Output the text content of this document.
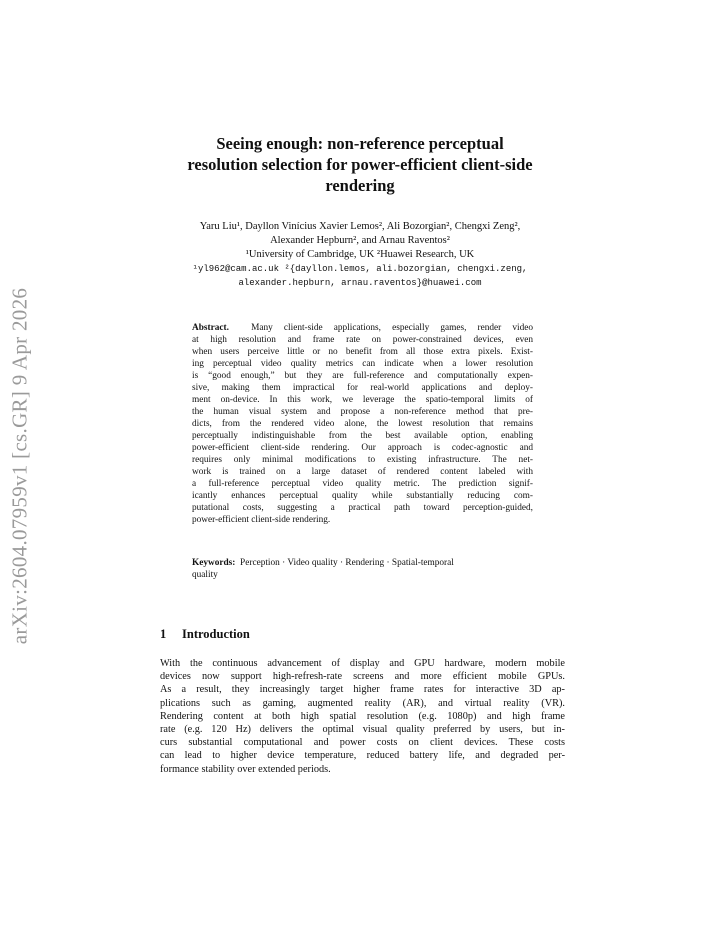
arXiv:2604.07959v1 [cs.GR] 9 Apr 2026
Seeing enough: non-reference perceptual
resolution selection for power-efficient client-side
rendering
Yaru Liu¹, Dayllon Vinícius Xavier Lemos², Ali Bozorgian², Chengxi Zeng²,
Alexander Hepburn², and Arnau Raventos²
¹University of Cambridge, UK ²Huawei Research, UK
¹yl962@cam.ac.uk ²{dayllon.lemos, ali.bozorgian, chengxi.zeng,
alexander.hepburn, arnau.raventos}@huawei.com
Abstract. Many client-side applications, especially games, render video
at high resolution and frame rate on power-constrained devices, even
when users perceive little or no benefit from all those extra pixels. Exist-
ing perceptual video quality metrics can indicate when a lower resolution
is “good enough,” but they are full-reference and computationally expen-
sive, making them impractical for real-world applications and deploy-
ment on-device. In this work, we leverage the spatio-temporal limits of
the human visual system and propose a non-reference method that pre-
dicts, from the rendered video alone, the lowest resolution that remains
perceptually indistinguishable from the best available option, enabling
power-efficient client-side rendering. Our approach is codec-agnostic and
requires only minimal modifications to existing infrastructure. The net-
work is trained on a large dataset of rendered content labeled with
a full-reference perceptual video quality metric. The prediction signif-
icantly enhances perceptual quality while substantially reducing com-
putational costs, suggesting a practical path toward perception-guided,
power-efficient client-side rendering.
Keywords: Perception · Video quality · Rendering · Spatial-temporal
quality
1 Introduction
With the continuous advancement of display and GPU hardware, modern mobile
devices now support high-refresh-rate screens and more efficient mobile GPUs.
As a result, they increasingly target higher frame rates for interactive 3D ap-
plications such as gaming, augmented reality (AR), and virtual reality (VR).
Rendering content at both high spatial resolution (e.g. 1080p) and high frame
rate (e.g. 120 Hz) delivers the optimal visual quality preferred by users, but in-
curs substantial computational and power costs on client devices. These costs
can lead to higher device temperature, reduced battery life, and degraded per-
formance stability over extended periods.
